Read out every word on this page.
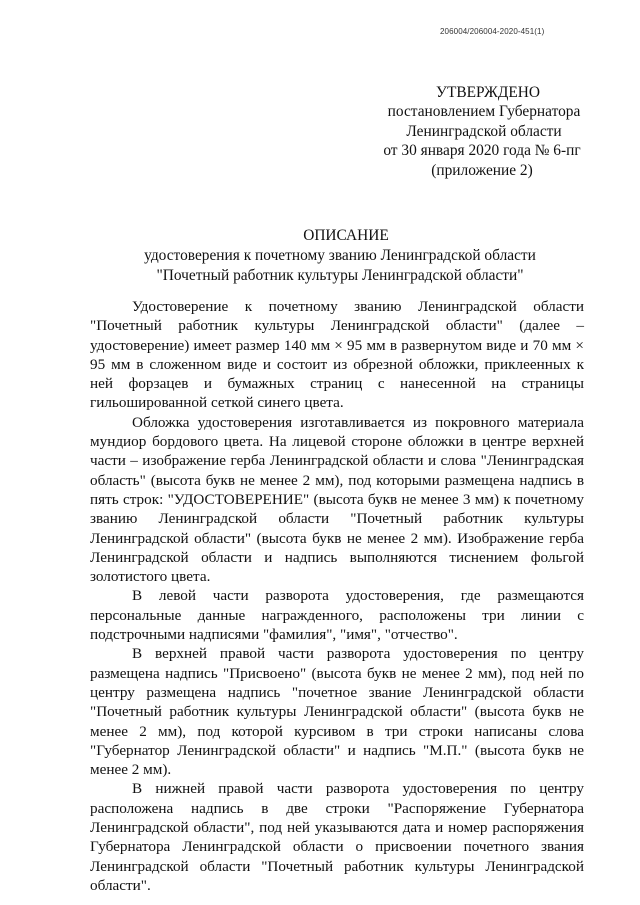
206004/206004-2020-451(1)
УТВЕРЖДЕНО
постановлением Губернатора
Ленинградской области
от 30 января 2020 года № 6-пг
(приложение 2)
ОПИСАНИЕ
удостоверения к почетному званию Ленинградской области
"Почетный работник культуры Ленинградской области"

Удостоверение к почетному званию Ленинградской области "Почетный работник культуры Ленинградской области" (далее – удостоверение) имеет размер 140 мм × 95 мм в развернутом виде и 70 мм × 95 мм в сложенном виде и состоит из обрезной обложки, приклеенных к ней форзацев и бумажных страниц с нанесенной на страницы гильошированной сеткой синего цвета.

Обложка удостоверения изготавливается из покровного материала мундиор бордового цвета. На лицевой стороне обложки в центре верхней части – изображение герба Ленинградской области и слова "Ленинградская область" (высота букв не менее 2 мм), под которыми размещена надпись в пять строк: "УДОСТОВЕРЕНИЕ" (высота букв не менее 3 мм) к почетному званию Ленинградской области "Почетный работник культуры Ленинградской области" (высота букв не менее 2 мм). Изображение герба Ленинградской области и надпись выполняются тиснением фольгой золотистого цвета.

В левой части разворота удостоверения, где размещаются персональные данные награжденного, расположены три линии с подстрочными надписями "фамилия", "имя", "отчество".

В верхней правой части разворота удостоверения по центру размещена надпись "Присвоено" (высота букв не менее 2 мм), под ней по центру размещена надпись "почетное звание Ленинградской области "Почетный работник культуры Ленинградской области" (высота букв не менее 2 мм), под которой курсивом в три строки написаны слова "Губернатор Ленинградской области" и надпись "М.П." (высота букв не менее 2 мм).

В нижней правой части разворота удостоверения по центру расположена надпись в две строки "Распоряжение Губернатора Ленинградской области", под ней указываются дата и номер распоряжения Губернатора Ленинградской области о присвоении почетного звания Ленинградской области "Почетный работник культуры Ленинградской области".
